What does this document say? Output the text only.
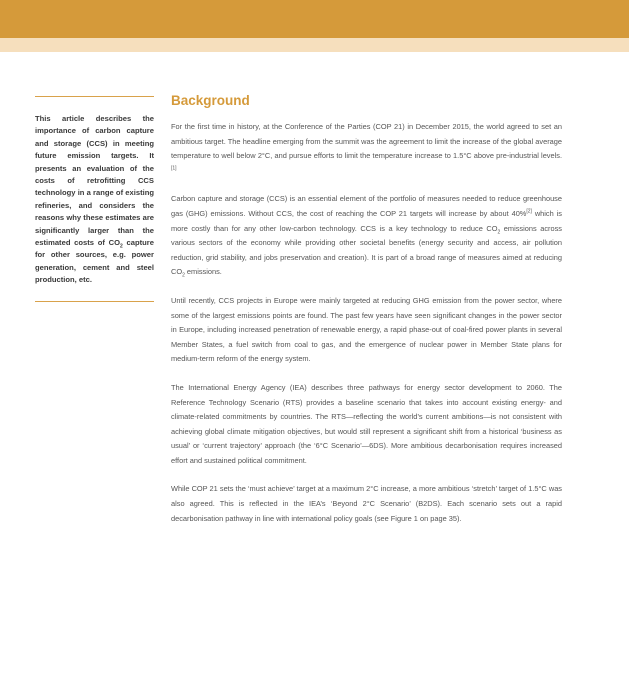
This article describes the importance of carbon capture and storage (CCS) in meeting future emission targets. It presents an evaluation of the costs of retrofitting CCS technology in a range of existing refineries, and considers the reasons why these estimates are significantly larger than the estimated costs of $CO_2$ capture for other sources, e.g. power generation, cement and steel production, etc.
Background

For the first time in history, at the Conference of the Parties (COP 21) in December 2015, the world agreed to set an ambitious target. The headline emerging from the summit was the agreement to limit the increase of the global average temperature to well below 2°C, and pursue efforts to limit the temperature increase to 1.5°C above pre-industrial levels.[1]

Carbon capture and storage (CCS) is an essential element of the portfolio of measures needed to reduce greenhouse gas (GHG) emissions. Without CCS, the cost of reaching the COP 21 targets will increase by about 40%[2] which is more costly than for any other low-carbon technology. CCS is a key technology to reduce $CO_2$ emissions across various sectors of the economy while providing other societal benefits (energy security and access, air pollution reduction, grid stability, and jobs preservation and creation). It is part of a broad range of measures aimed at reducing $CO_2$ emissions.

Until recently, CCS projects in Europe were mainly targeted at reducing GHG emission from the power sector, where some of the largest emissions points are found. The past few years have seen significant changes in the power sector in Europe, including increased penetration of renewable energy, a rapid phase-out of coal-fired power plants in several Member States, a fuel switch from coal to gas, and the emergence of nuclear power in Member State plans for medium-term reform of the energy system.

The International Energy Agency (IEA) describes three pathways for energy sector development to 2060. The Reference Technology Scenario (RTS) provides a baseline scenario that takes into account existing energy- and climate-related commitments by countries. The RTS—reflecting the world’s current ambitions—is not consistent with achieving global climate mitigation objectives, but would still represent a significant shift from a historical ‘business as usual’ or ‘current trajectory’ approach (the ‘6°C Scenario’—6DS). More ambitious decarbonisation requires increased effort and sustained political commitment.

While COP 21 sets the ‘must achieve’ target at a maximum 2°C increase, a more ambitious ‘stretch’ target of 1.5°C was also agreed. This is reflected in the IEA’s ‘Beyond 2°C Scenario’ (B2DS). Each scenario sets out a rapid decarbonisation pathway in line with international policy goals (see Figure 1 on page 35).
